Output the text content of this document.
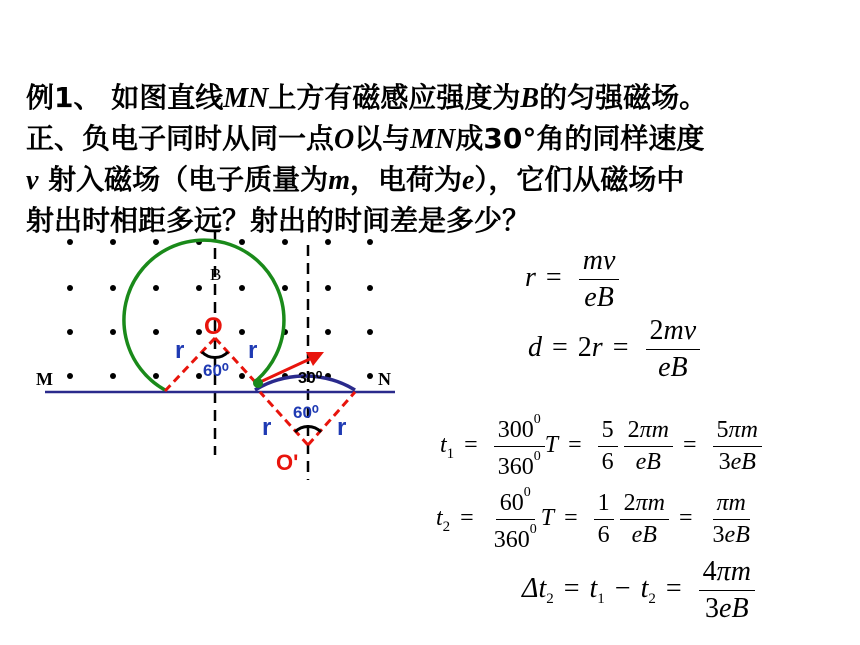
例1、 如图直线MN上方有磁感应强度为B的匀强磁场。
正、负电子同时从同一点O以与MN成30°角的同样速度
v 射入磁场（电子质量为m，电荷为e），它们从磁场中
射出时相距多远？射出的时间差是多少？
M	N
B
O
O'
r	r
r	r
60⁰
60⁰
30⁰
$r = \frac{mv}{eB}$
$d = 2r = \frac{2mv}{eB}$
$t_1 = \frac{300^0}{360^0}$ $T = \frac{5}{6}$
$\frac{2\pi m}{eB} = \frac{5\pi m}{3eB}$
$t_2 = \frac{60^0}{360^0}$ $T = \frac{1}{6}$
$\frac{2\pi m}{eB} = \frac{\pi m}{3eB}$
$\Delta t_2 = t_1 - t_2 = \frac{4\pi m}{3eB}$
